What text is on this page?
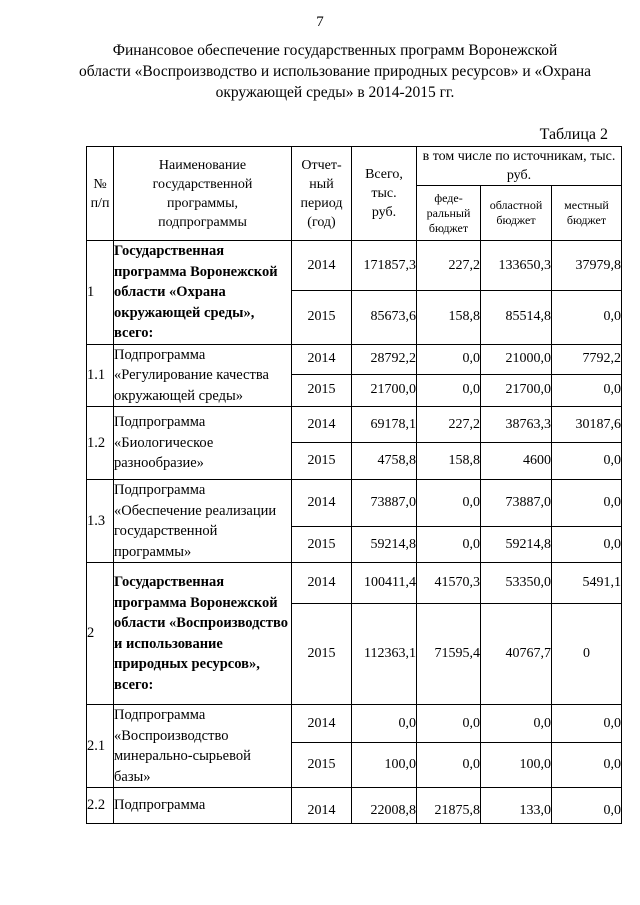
7
Финансовое обеспечение государственных программ Воронежской
области «Воспроизводство и использование природных ресурсов» и «Охрана
окружающей среды» в 2014-2015 гг.
Таблица 2
№ п/п	Наименование государственной программы, подпрограммы	Отчет-ный период (год)	Всего, тыс. руб.	в том числе по источникам, тыс. руб.		
				феде-ральный бюджет	областной бюджет	местный бюджет
1	Государственная программа Воронежской области «Охрана окружающей среды», всего:	2014	171857,3	227,2	133650,3	37979,8
		2015	85673,6	158,8	85514,8	0,0
1.1	Подпрограмма «Регулирование качества окружающей среды»	2014	28792,2	0,0	21000,0	7792,2
		2015	21700,0	0,0	21700,0	0,0
1.2	Подпрограмма «Биологическое разнообразие»	2014	69178,1	227,2	38763,3	30187,6
		2015	4758,8	158,8	4600	0,0
1.3	Подпрограмма «Обеспечение реализации государственной программы»	2014	73887,0	0,0	73887,0	0,0
		2015	59214,8	0,0	59214,8	0,0
2	Государственная программа Воронежской области «Воспроизводство и использование природных ресурсов», всего:	2014	100411,4	41570,3	53350,0	5491,1
		2015	112363,1	71595,4	40767,7	0
2.1	Подпрограмма «Воспроизводство минерально-сырьевой базы»	2014	0,0	0,0	0,0	0,0
		2015	100,0	0,0	100,0	0,0
2.2	Подпрограмма	2014	22008,8	21875,8	133,0	0,0
